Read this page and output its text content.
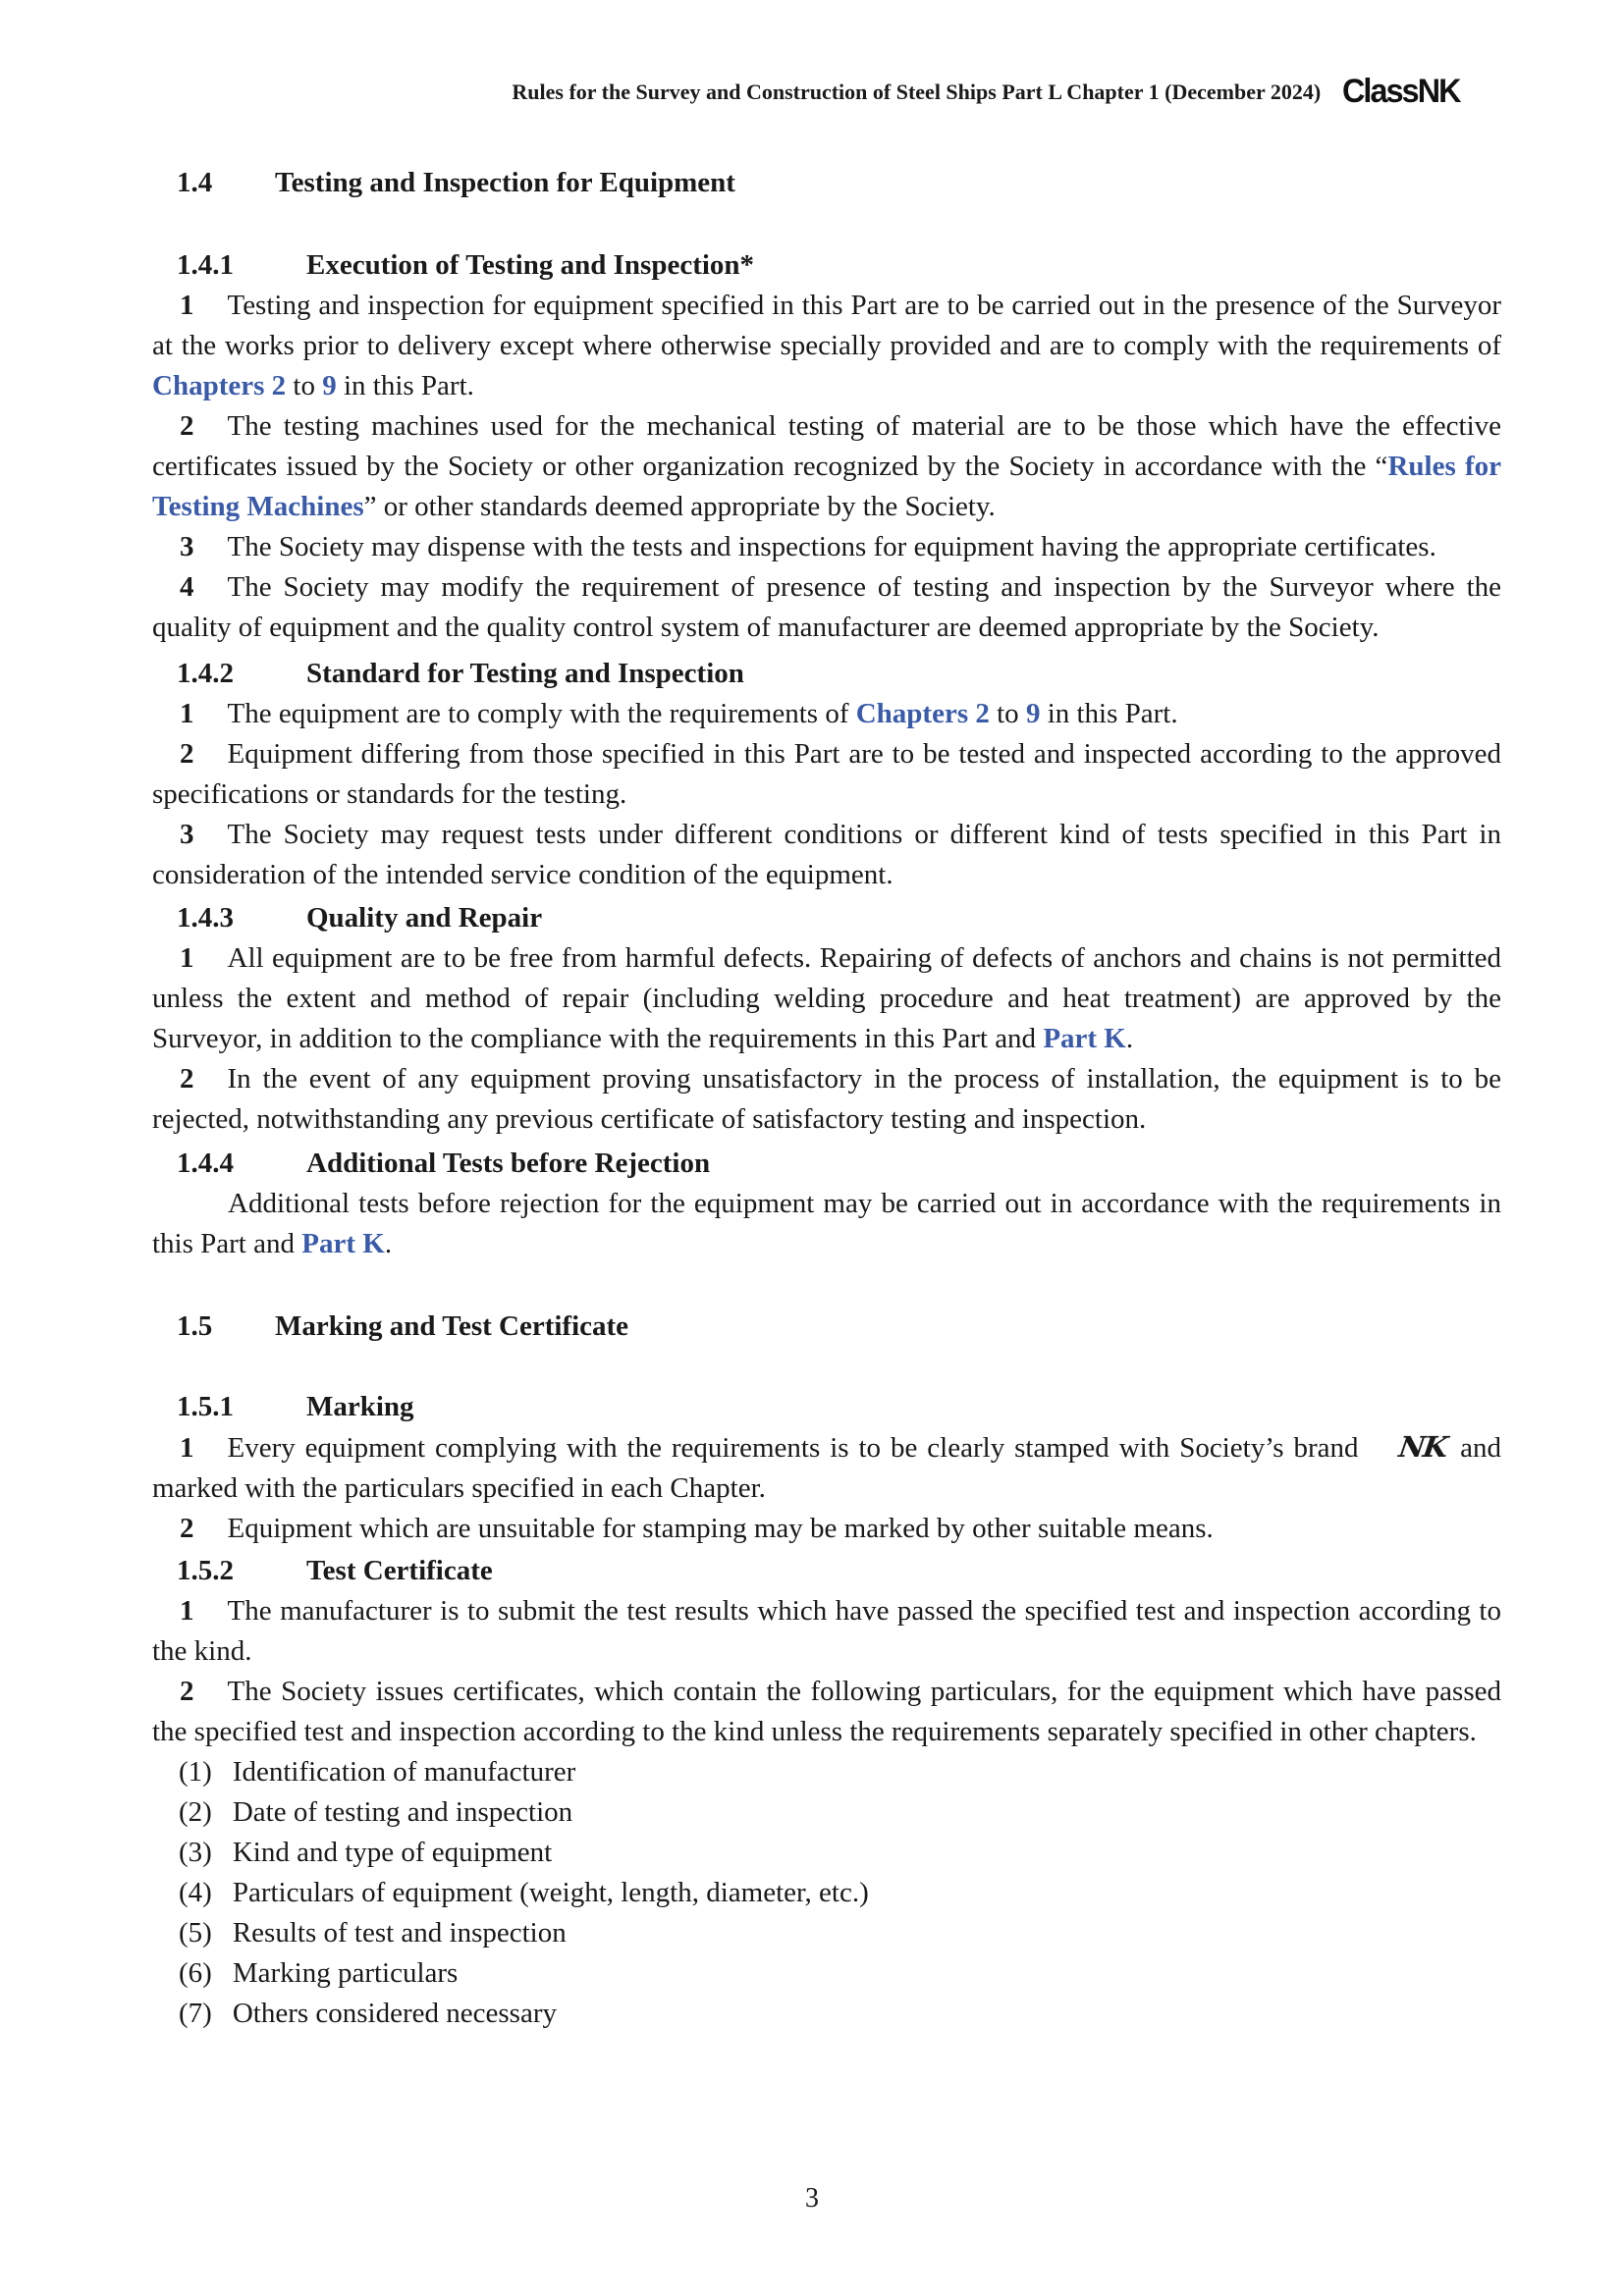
Rules for the Survey and Construction of Steel Ships Part L Chapter 1 (December 2024) ClassNK
1.4 Testing and Inspection for Equipment
1.4.1	Execution of Testing and Inspection*

1 Testing and inspection for equipment specified in this Part are to be carried out in the presence of the Surveyor at the works prior to delivery except where otherwise specially provided and are to comply with the requirements of Chapters 2 to 9 in this Part.

2 The testing machines used for the mechanical testing of material are to be those which have the effective certificates issued by the Society or other organization recognized by the Society in accordance with the “Rules for Testing Machines” or other standards deemed appropriate by the Society.

3 The Society may dispense with the tests and inspections for equipment having the appropriate certificates.

4 The Society may modify the requirement of presence of testing and inspection by the Surveyor where the quality of equipment and the quality control system of manufacturer are deemed appropriate by the Society.

1.4.2	Standard for Testing and Inspection

1 The equipment are to comply with the requirements of Chapters 2 to 9 in this Part.

2 Equipment differing from those specified in this Part are to be tested and inspected according to the approved specifications or standards for the testing.

3 The Society may request tests under different conditions or different kind of tests specified in this Part in consideration of the intended service condition of the equipment.

1.4.3	Quality and Repair

1 All equipment are to be free from harmful defects. Repairing of defects of anchors and chains is not permitted unless the extent and method of repair (including welding procedure and heat treatment) are approved by the Surveyor, in addition to the compliance with the requirements in this Part and Part K.

2 In the event of any equipment proving unsatisfactory in the process of installation, the equipment is to be rejected, notwithstanding any previous certificate of satisfactory testing and inspection.

1.4.4	Additional Tests before Rejection

Additional tests before rejection for the equipment may be carried out in accordance with the requirements in this Part and Part K.

1.5 Marking and Test Certificate
1.5.1	Marking

1 Every equipment complying with the requirements is to be clearly stamped with Society’s brand NK and marked with the particulars specified in each Chapter.

2 Equipment which are unsuitable for stamping may be marked by other suitable means.

1.5.2	Test Certificate

1 The manufacturer is to submit the test results which have passed the specified test and inspection according to the kind.

2 The Society issues certificates, which contain the following particulars, for the equipment which have passed the specified test and inspection according to the kind unless the requirements separately specified in other chapters.

(1) Identification of manufacturer

(2) Date of testing and inspection

(3) Kind and type of equipment

(4) Particulars of equipment (weight, length, diameter, etc.)

(5) Results of test and inspection

(6) Marking particulars

(7) Others considered necessary

3
